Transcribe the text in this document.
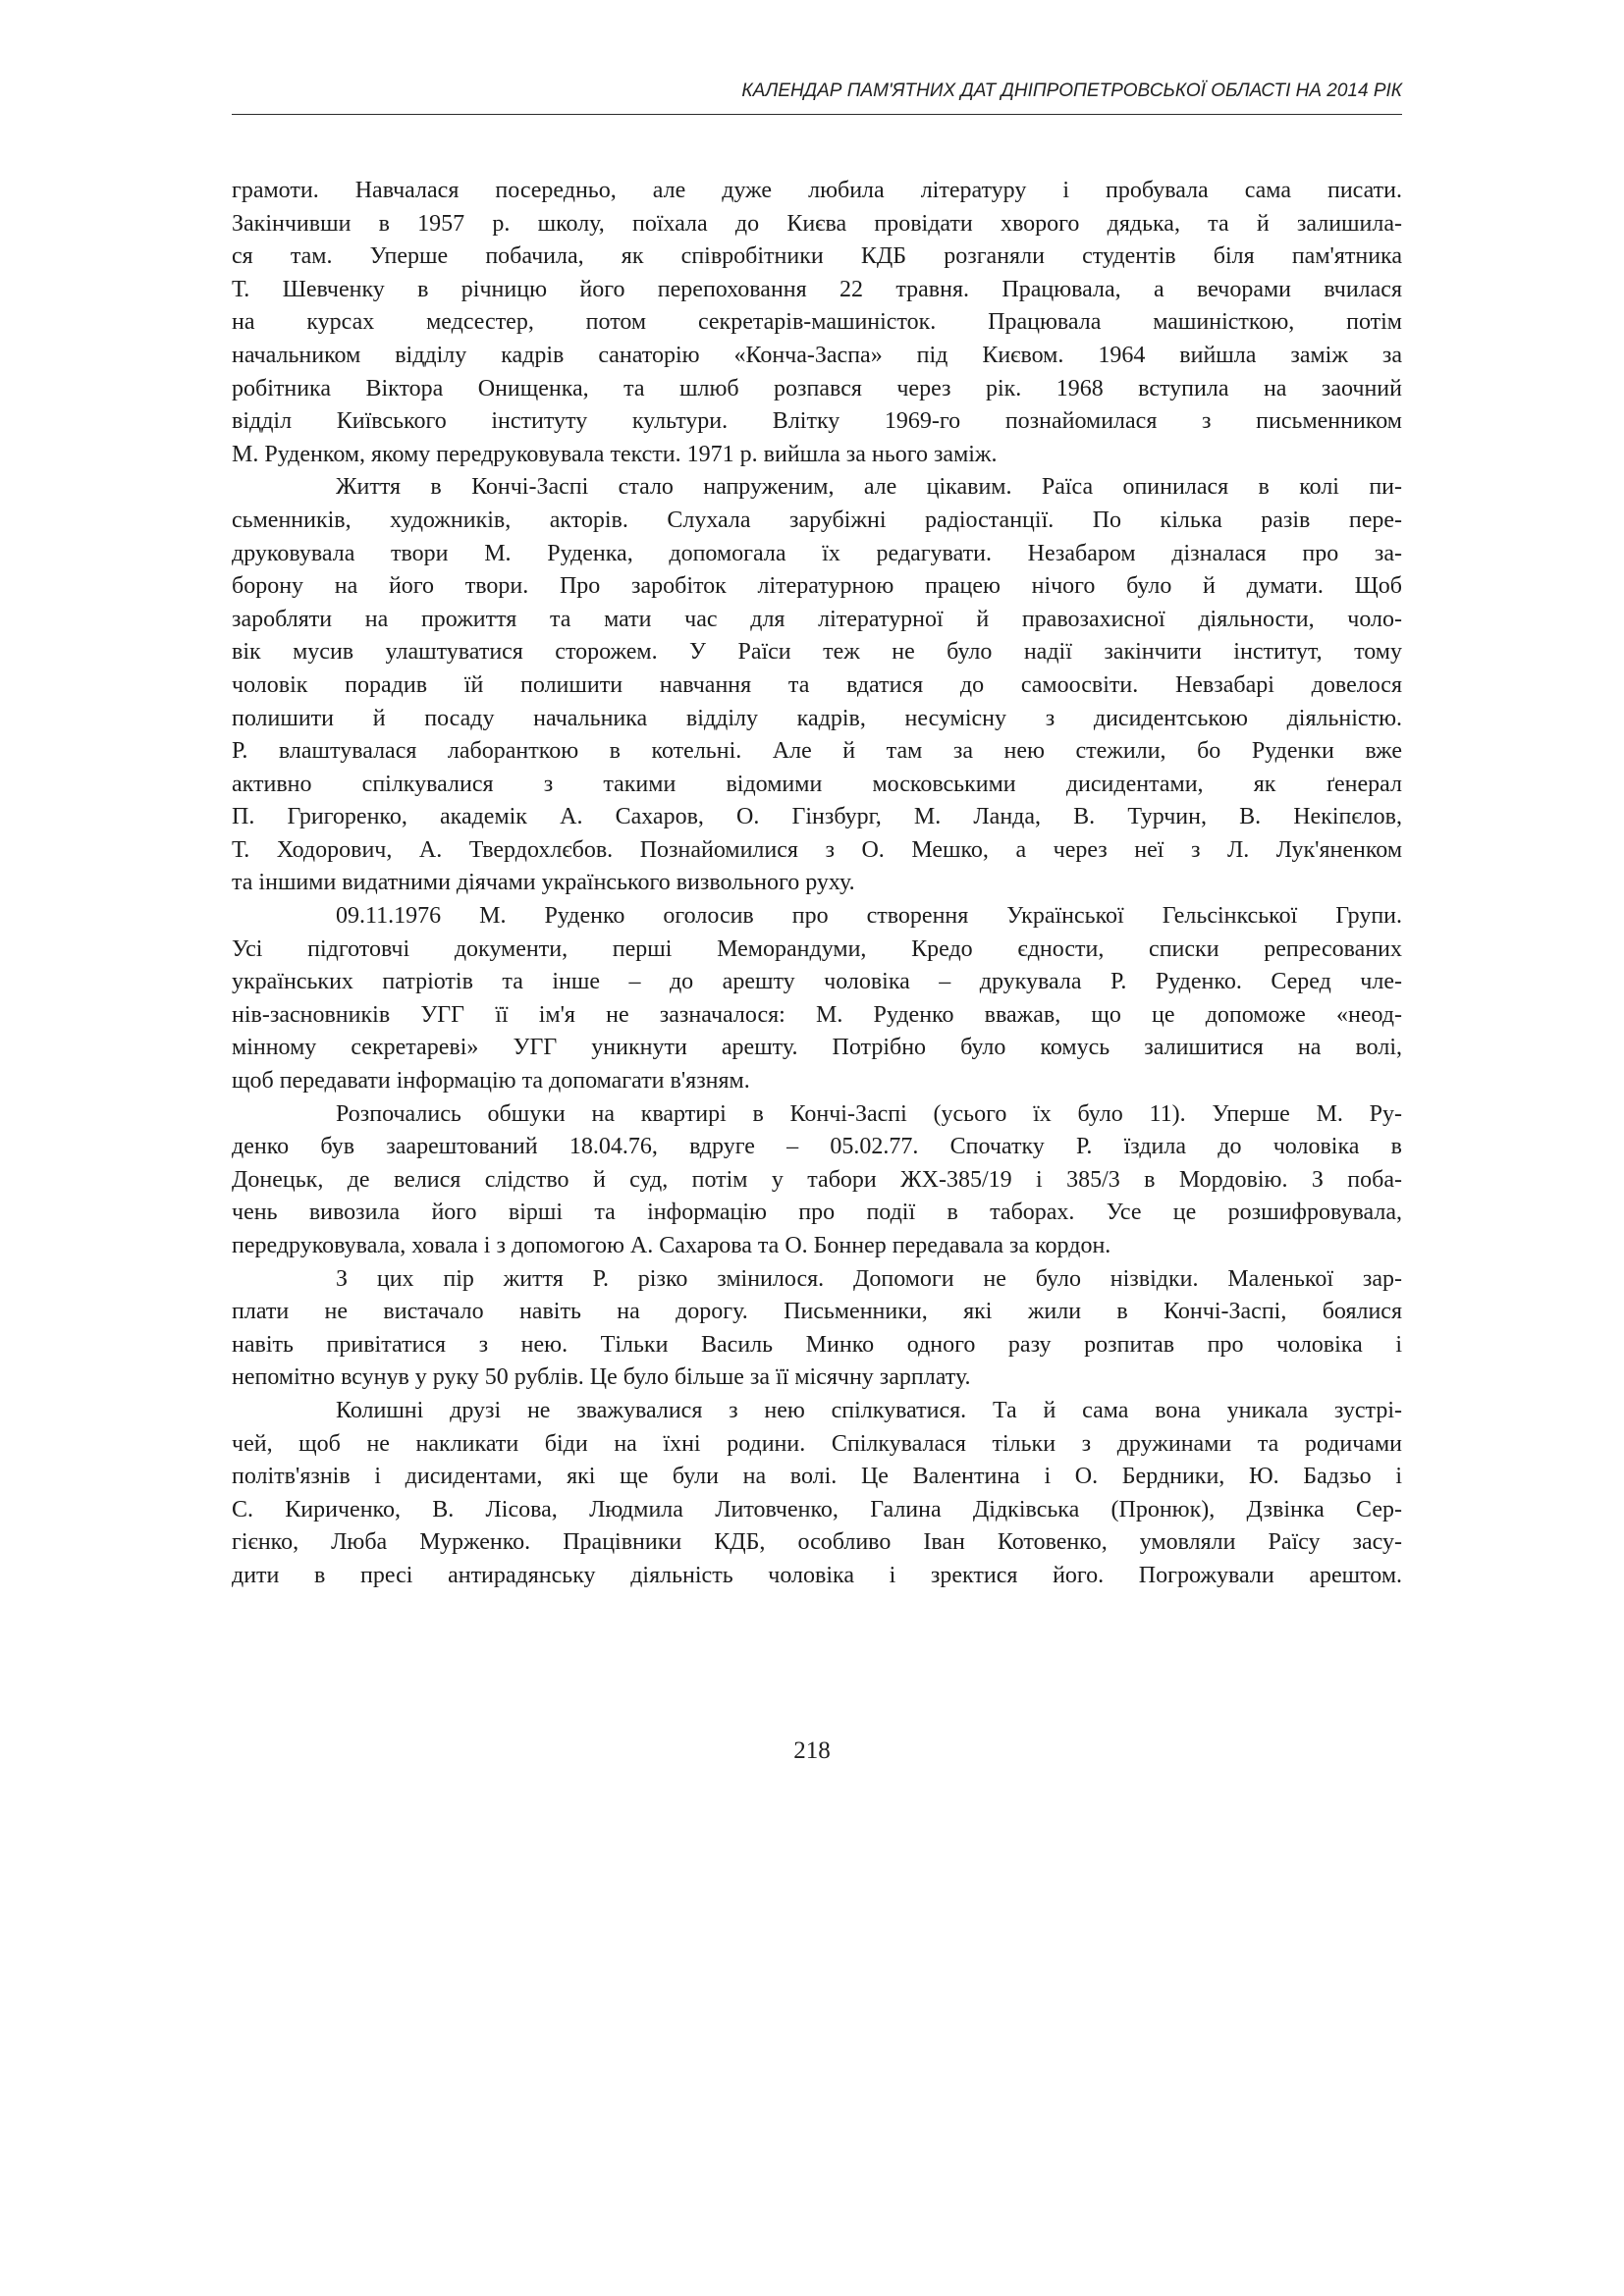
КАЛЕНДАР ПАМ'ЯТНИХ ДАТ ДНІПРОПЕТРОВСЬКОЇ ОБЛАСТІ НА 2014 РІК
грамоти. Навчалася посередньо, але дуже любила літературу і пробувала сама писати.
Закінчивши в 1957 р. школу, поїхала до Києва провідати хворого дядька, та й залишила-
ся там. Уперше побачила, як співробітники КДБ розганяли студентів біля пам'ятника
Т. Шевченку в річницю його перепоховання 22 травня. Працювала, а вечорами вчилася
на курсах медсестер, потом секретарів-машиністок. Працювала машиністкою, потім
начальником відділу кадрів санаторію «Конча-Заспа» під Києвом. 1964 вийшла заміж за
робітника Віктора Онищенка, та шлюб розпався через рік. 1968 вступила на заочний
відділ Київського інституту культури. Влітку 1969-го познайомилася з письменником
М. Руденком, якому передруковувала тексти. 1971 р. вийшла за нього заміж.
Життя в Кончі-Заспі стало напруженим, але цікавим. Раїса опинилася в колі пи-
сьменників, художників, акторів. Слухала зарубіжні радіостанції. По кілька разів пере-
друковувала твори М. Руденка, допомогала їх редагувати. Незабаром дізналася про за-
борону на його твори. Про заробіток літературною працею нічого було й думати. Щоб
заробляти на прожиття та мати час для літературної й правозахисної діяльности, чоло-
вік мусив улаштуватися сторожем. У Раїси теж не було надії закінчити інститут, тому
чоловік порадив їй полишити навчання та вдатися до самоосвіти. Невзабарі довелося
полишити й посаду начальника відділу кадрів, несумісну з дисидентською діяльністю.
Р. влаштувалася лаборанткою в котельні. Але й там за нею стежили, бо Руденки вже
активно спілкувалися з такими відомими московськими дисидентами, як ґенерал
П. Григоренко, академік А. Сахаров, О. Гінзбург, М. Ланда, В. Турчин, В. Некіпєлов,
Т. Ходорович, А. Твердохлєбов. Познайомилися з О. Мешко, а через неї з Л. Лук'яненком
та іншими видатними діячами українського визвольного руху.
09.11.1976 М. Руденко оголосив про створення Української Гельсінкської Групи.
Усі підготовчі документи, перші Меморандуми, Кредо єдности, списки репресованих
українських патріотів та інше – до арешту чоловіка – друкувала Р. Руденко. Серед чле-
нів-засновників УГГ її ім'я не зазначалося: М. Руденко вважав, що це допоможе «неод-
мінному секретареві» УГГ уникнути арешту. Потрібно було комусь залишитися на волі,
щоб передавати інформацію та допомагати в'язням.
Розпочались обшуки на квартирі в Кончі-Заспі (усього їх було 11). Уперше М. Ру-
денко був заарештований 18.04.76, вдруге – 05.02.77. Спочатку Р. їздила до чоловіка в
Донецьк, де велися слідство й суд, потім у табори ЖХ-385/19 і 385/3 в Мордовію. З поба-
чень вивозила його вірші та інформацію про події в таборах. Усе це розшифровувала,
передруковувала, ховала і з допомогою А. Сахарова та О. Боннер передавала за кордон.
З цих пір життя Р. різко змінилося. Допомоги не було нізвідки. Маленької зар-
плати не вистачало навіть на дорогу. Письменники, які жили в Кончі-Заспі, боялися
навіть привітатися з нею. Тільки Василь Минко одного разу розпитав про чоловіка і
непомітно всунув у руку 50 рублів. Це було більше за її місячну зарплату.
Колишні друзі не зважувалися з нею спілкуватися. Та й сама вона уникала зустрі-
чей, щоб не накликати біди на їхні родини. Спілкувалася тільки з дружинами та родичами
політв'язнів і дисидентами, які ще були на волі. Це Валентина і О. Бердники, Ю. Бадзьо і
С. Кириченко, В. Лісова, Людмила Литовченко, Галина Дідківська (Пронюк), Дзвінка Сер-
гієнко, Люба Мурженко. Працівники КДБ, особливо Іван Котовенко, умовляли Раїсу засу-
дити в пресі антирадянську діяльність чоловіка і зректися його. Погрожували арештом.
218
